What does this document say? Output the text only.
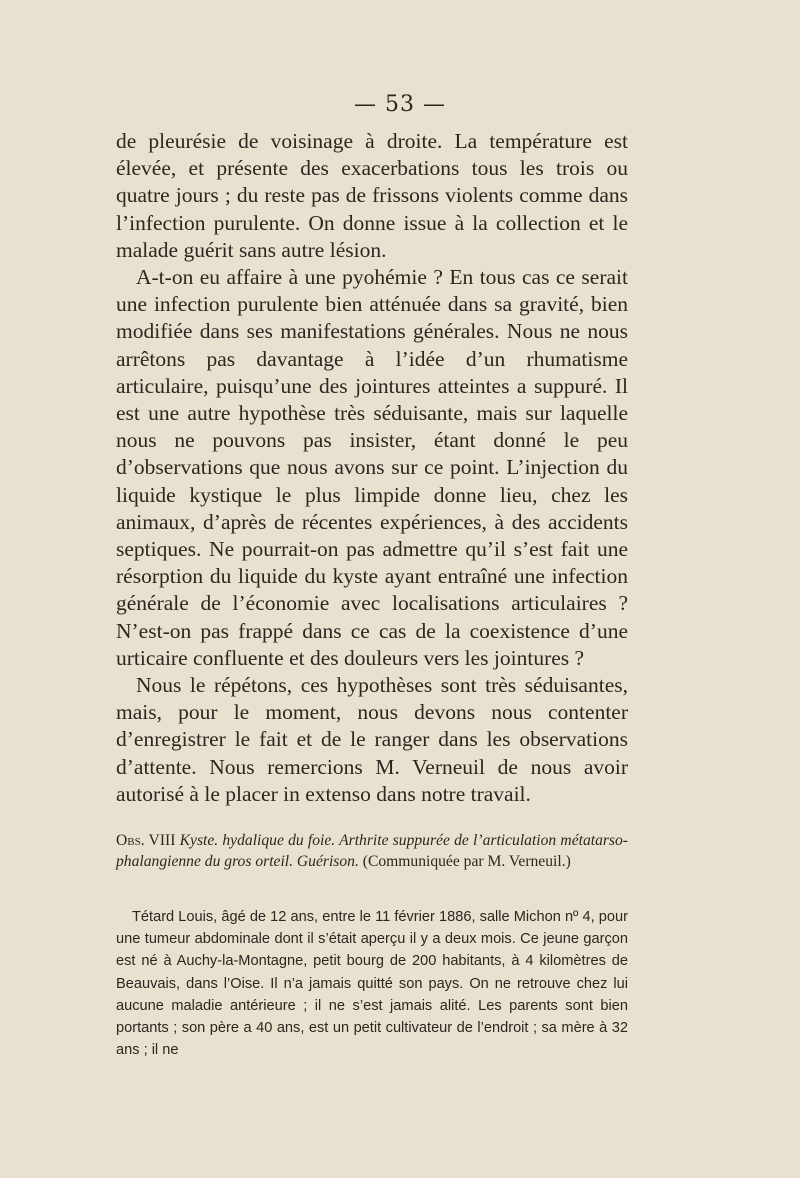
— 53 —

de pleurésie de voisinage à droite. La température est élevée, et présente des exacerbations tous les trois ou quatre jours ; du reste pas de frissons violents comme dans l’infection purulente. On donne issue à la collection et le malade guérit sans autre lésion.

A-t-on eu affaire à une pyohémie ? En tous cas ce serait une infection purulente bien atténuée dans sa gravité, bien modifiée dans ses manifestations générales. Nous ne nous arrêtons pas davantage à l’idée d’un rhumatisme articulaire, puisqu’une des jointures atteintes a suppuré. Il est une autre hypothèse très séduisante, mais sur laquelle nous ne pouvons pas insister, étant donné le peu d’observations que nous avons sur ce point. L’injection du liquide kystique le plus limpide donne lieu, chez les animaux, d’après de récentes expériences, à des accidents septiques. Ne pourrait-on pas admettre qu’il s’est fait une résorption du liquide du kyste ayant entraîné une infection générale de l’économie avec localisations articulaires ? N’est-on pas frappé dans ce cas de la coexistence d’une urticaire confluente et des douleurs vers les jointures ?

Nous le répétons, ces hypothèses sont très séduisantes, mais, pour le moment, nous devons nous contenter d’enregistrer le fait et de le ranger dans les observations d’attente. Nous remercions M. Verneuil de nous avoir autorisé à le placer in extenso dans notre travail.

Obs. VIII Kyste. hydalique du foie. Arthrite suppurée de l’articulation métatarso-phalangienne du gros orteil. Guérison. (Communiquée par M. Verneuil.)
Tétard Louis, âgé de 12 ans, entre le 11 février 1886, salle Michon nº 4, pour une tumeur abdominale dont il s’était aperçu il y a deux mois. Ce jeune garçon est né à Auchy-la-Montagne, petit bourg de 200 habitants, à 4 kilomètres de Beauvais, dans l’Oise. Il n’a jamais quitté son pays. On ne retrouve chez lui aucune maladie antérieure ; il ne s’est jamais alité. Les parents sont bien portants ; son père a 40 ans, est un petit cultivateur de l’endroit ; sa mère à 32 ans ; il ne
